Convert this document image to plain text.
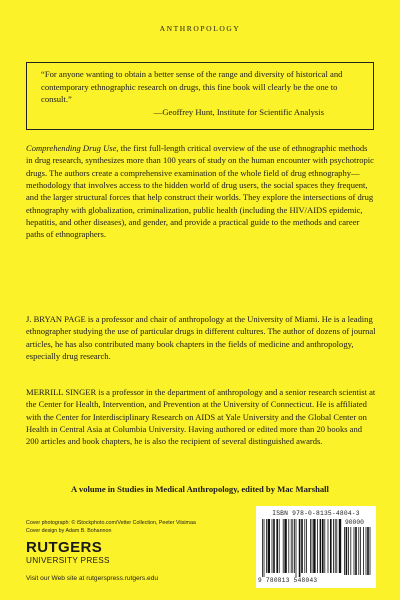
ANTHROPOLOGY
“For anyone wanting to obtain a better sense of the range and diversity of historical and contemporary ethnographic research on drugs, this fine book will clearly be the one to consult.”
—Geoffrey Hunt, Institute for Scientific Analysis
Comprehending Drug Use, the first full-length critical overview of the use of ethnographic methods in drug research, synthesizes more than 100 years of study on the human encounter with psychotropic drugs. The authors create a comprehensive examination of the whole field of drug ethnography—methodology that involves access to the hidden world of drug users, the social spaces they frequent, and the larger structural forces that help construct their worlds. They explore the intersections of drug ethnography with globalization, criminalization, public health (including the HIV/AIDS epidemic, hepatitis, and other diseases), and gender, and provide a practical guide to the methods and career paths of ethnographers.
J. BRYAN PAGE is a professor and chair of anthropology at the University of Miami. He is a leading ethnographer studying the use of particular drugs in different cultures. The author of dozens of journal articles, he has also contributed many book chapters in the fields of medicine and anthropology, especially drug research.
MERRILL SINGER is a professor in the department of anthropology and a senior research scientist at the Center for Health, Intervention, and Prevention at the University of Connecticut. He is affiliated with the Center for Interdisciplinary Research on AIDS at Yale University and the Global Center on Health in Central Asia at Columbia University. Having authored or edited more than 20 books and 200 articles and book chapters, he is also the recipient of several distinguished awards.
A volume in Studies in Medical Anthropology, edited by Mac Marshall
Cover photograph: © iStockphoto.com/Vetter Collection, Peeter Viisimaa
Cover design by Adam B. Bohannon
RUTGERS
UNIVERSITY PRESS
Visit our Web site at rutgerspress.rutgers.edu
ISBN 978-0-8135-4804-3
90000
9 780813 548043
